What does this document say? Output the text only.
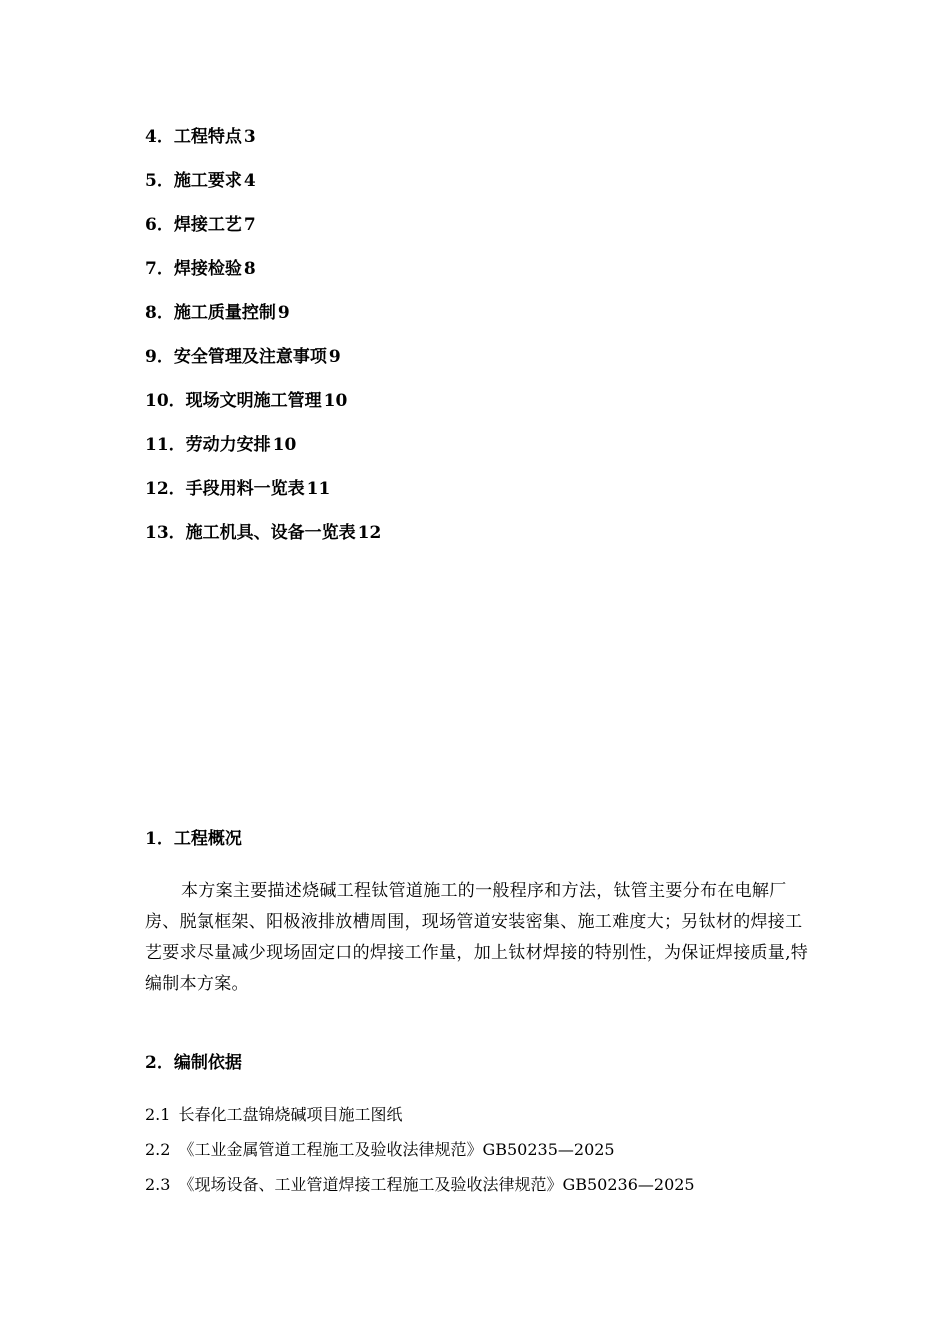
4．工程特点 3
5．施工要求 4
6．焊接工艺 7
7．焊接检验 8
8．施工质量控制 9
9．安全管理及注意事项 9
10．现场文明施工管理 10
11．劳动力安排 10
12．手段用料一览表 11
13．施工机具、设备一览表 12
1．工程概况

本方案主要描述烧碱工程钛管道施工的一般程序和方法，钛管主要分布在电解厂房、脱氯框架、阳极液排放槽周围，现场管道安装密集、施工难度大；另钛材的焊接工艺要求尽量减少现场固定口的焊接工作量，加上钛材焊接的特别性，为保证焊接质量,特编制本方案。

2．编制依据
2.1 长春化工盘锦烧碱项目施工图纸
2.2 《工业金属管道工程施工及验收法律规范》GB50235—2025
2.3 《现场设备、工业管道焊接工程施工及验收法律规范》GB50236—2025
